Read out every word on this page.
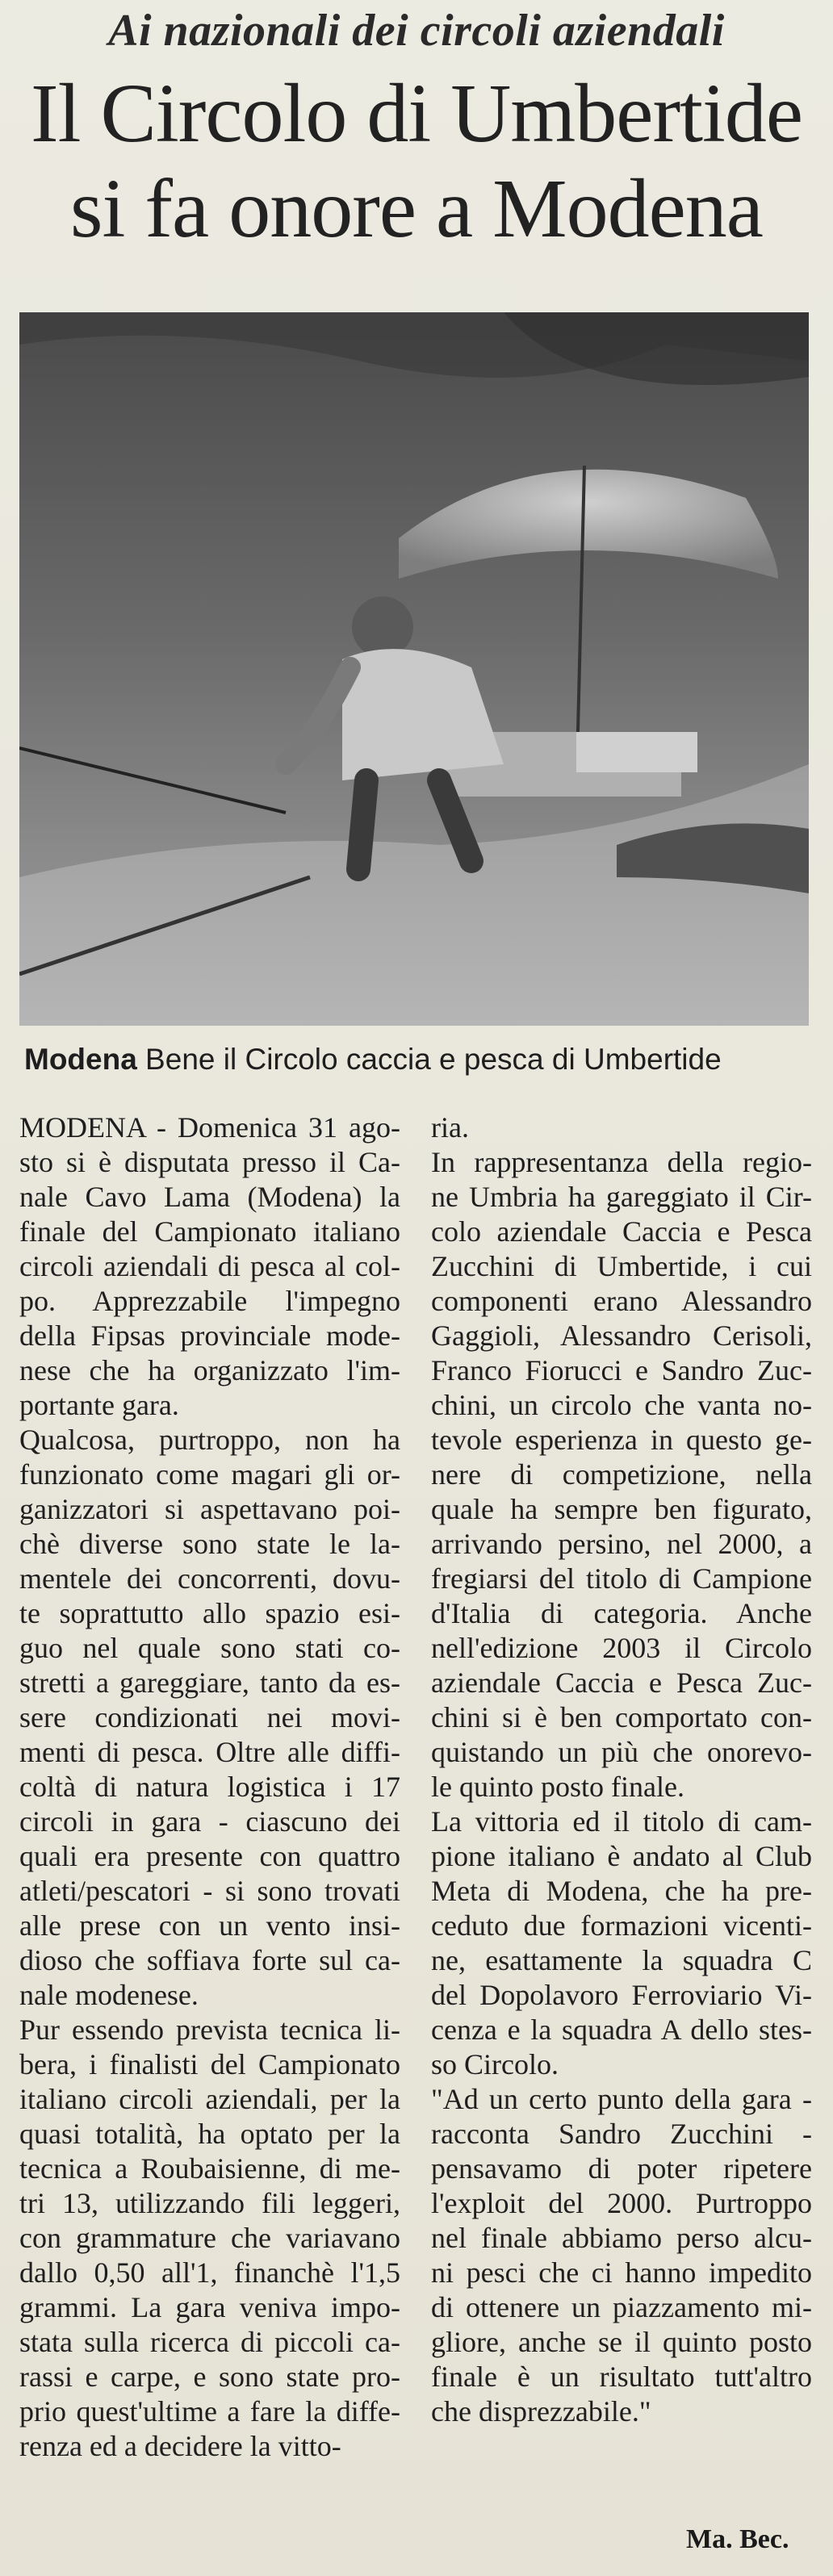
Ai nazionali dei circoli aziendali
Il Circolo di Umbertide
si fa onore a Modena
Modena Bene il Circolo caccia e pesca di Umbertide
MODENA - Domenica 31 ago-
sto si è disputata presso il Ca-
nale Cavo Lama (Modena) la
finale del Campionato italiano
circoli aziendali di pesca al col-
po. Apprezzabile l'impegno
della Fipsas provinciale mode-
nese che ha organizzato l'im-
portante gara.
Qualcosa, purtroppo, non ha
funzionato come magari gli or-
ganizzatori si aspettavano poi-
chè diverse sono state le la-
mentele dei concorrenti, dovu-
te soprattutto allo spazio esi-
guo nel quale sono stati co-
stretti a gareggiare, tanto da es-
sere condizionati nei movi-
menti di pesca. Oltre alle diffi-
coltà di natura logistica i 17
circoli in gara - ciascuno dei
quali era presente con quattro
atleti/pescatori - si sono trovati
alle prese con un vento insi-
dioso che soffiava forte sul ca-
nale modenese.
Pur essendo prevista tecnica li-
bera, i finalisti del Campionato
italiano circoli aziendali, per la
quasi totalità, ha optato per la
tecnica a Roubaisienne, di me-
tri 13, utilizzando fili leggeri,
con grammature che variavano
dallo 0,50 all'1, financhè l'1,5
grammi. La gara veniva impo-
stata sulla ricerca di piccoli ca-
rassi e carpe, e sono state pro-
prio quest'ultime a fare la diffe-
renza ed a decidere la vitto-
ria.
In rappresentanza della regio-
ne Umbria ha gareggiato il Cir-
colo aziendale Caccia e Pesca
Zucchini di Umbertide, i cui
componenti erano Alessandro
Gaggioli, Alessandro Cerisoli,
Franco Fiorucci e Sandro Zuc-
chini, un circolo che vanta no-
tevole esperienza in questo ge-
nere di competizione, nella
quale ha sempre ben figurato,
arrivando persino, nel 2000, a
fregiarsi del titolo di Campione
d'Italia di categoria. Anche
nell'edizione 2003 il Circolo
aziendale Caccia e Pesca Zuc-
chini si è ben comportato con-
quistando un più che onorevo-
le quinto posto finale.
La vittoria ed il titolo di cam-
pione italiano è andato al Club
Meta di Modena, che ha pre-
ceduto due formazioni vicenti-
ne, esattamente la squadra C
del Dopolavoro Ferroviario Vi-
cenza e la squadra A dello stes-
so Circolo.
"Ad un certo punto della gara -
racconta Sandro Zucchini -
pensavamo di poter ripetere
l'exploit del 2000. Purtroppo
nel finale abbiamo perso alcu-
ni pesci che ci hanno impedito
di ottenere un piazzamento mi-
gliore, anche se il quinto posto
finale è un risultato tutt'altro
che disprezzabile."
Ma. Bec.
